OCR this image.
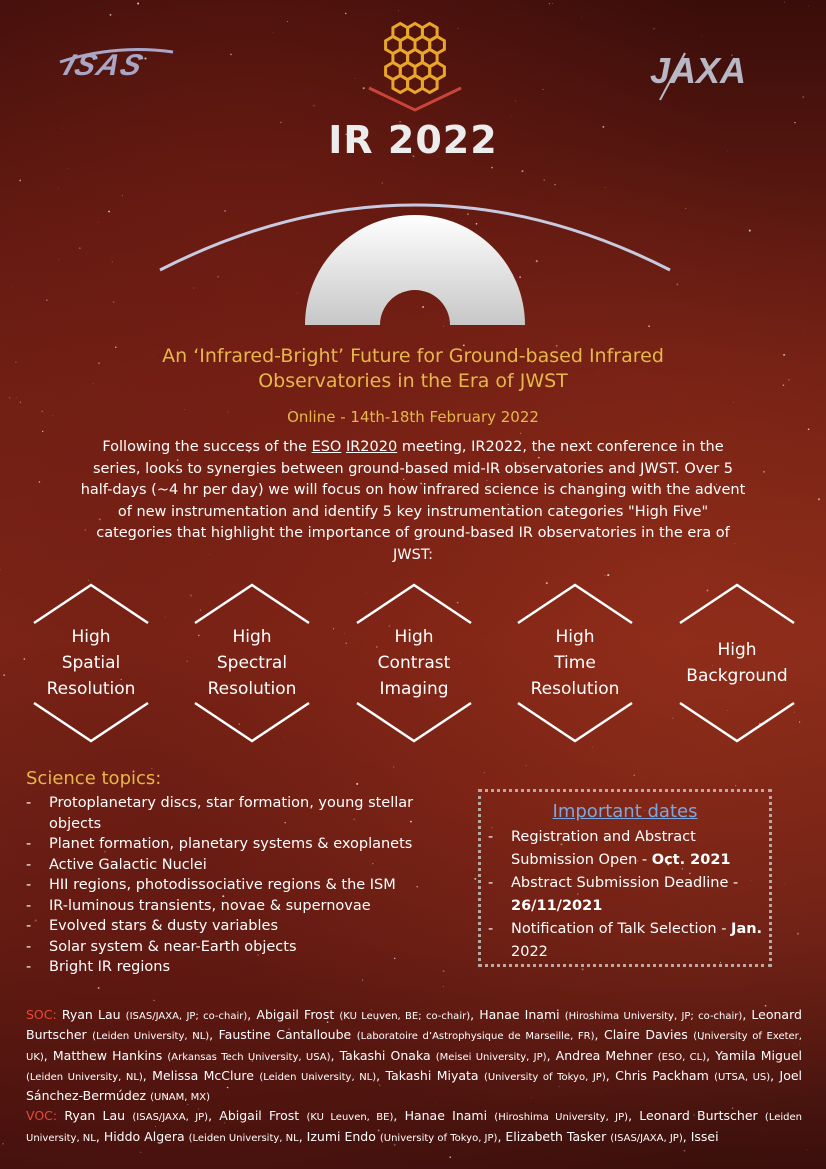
ISAS	JAXA
IR 2022
An ‘Infrared-Bright’ Future for Ground-based Infrared
Observatories in the Era of JWST
Online - 14th-18th February 2022
Following the success of the ESO IR2020 meeting, IR2022, the next conference in the series, looks to synergies between ground-based mid-IR observatories and JWST. Over 5 half-days (~4 hr per day) we will focus on how infrared science is changing with the advent of new instrumentation and identify 5 key instrumentation categories "High Five" categories that highlight the importance of ground-based IR observatories in the era of JWST:
High
Spatial
Resolution
High
Spectral
Resolution
High
Contrast
Imaging
High
Time
Resolution
High
Background
Science topics:
- Protoplanetary discs, star formation, young stellar objects
- Planet formation, planetary systems & exoplanets
- Active Galactic Nuclei
- HII regions, photodissociative regions & the ISM
- IR-luminous transients, novae & supernovae
- Evolved stars & dusty variables
- Solar system & near-Earth objects
- Bright IR regions
Important dates
- Registration and Abstract Submission Open - Oct. 2021
- Abstract Submission Deadline - 26/11/2021
- Notification of Talk Selection - Jan. 2022
SOC: Ryan Lau (ISAS/JAXA, JP; co-chair), Abigail Frost (KU Leuven, BE; co-chair), Hanae Inami (Hiroshima University, JP; co-chair), Leonard Burtscher (Leiden University, NL), Faustine Cantalloube (Laboratoire d’Astrophysique de Marseille, FR), Claire Davies (University of Exeter, UK), Matthew Hankins (Arkansas Tech University, USA), Takashi Onaka (Meisei University, JP), Andrea Mehner (ESO, CL), Yamila Miguel (Leiden University, NL), Melissa McClure (Leiden University, NL), Takashi Miyata (University of Tokyo, JP), Chris Packham (UTSA, US), Joel Sánchez-Bermúdez (UNAM, MX)
VOC: Ryan Lau (ISAS/JAXA, JP), Abigail Frost (KU Leuven, BE), Hanae Inami (Hiroshima University, JP), Leonard Burtscher (Leiden University, NL, Hiddo Algera (Leiden University, NL, Izumi Endo (University of Tokyo, JP), Elizabeth Tasker (ISAS/JAXA, JP), Issei
